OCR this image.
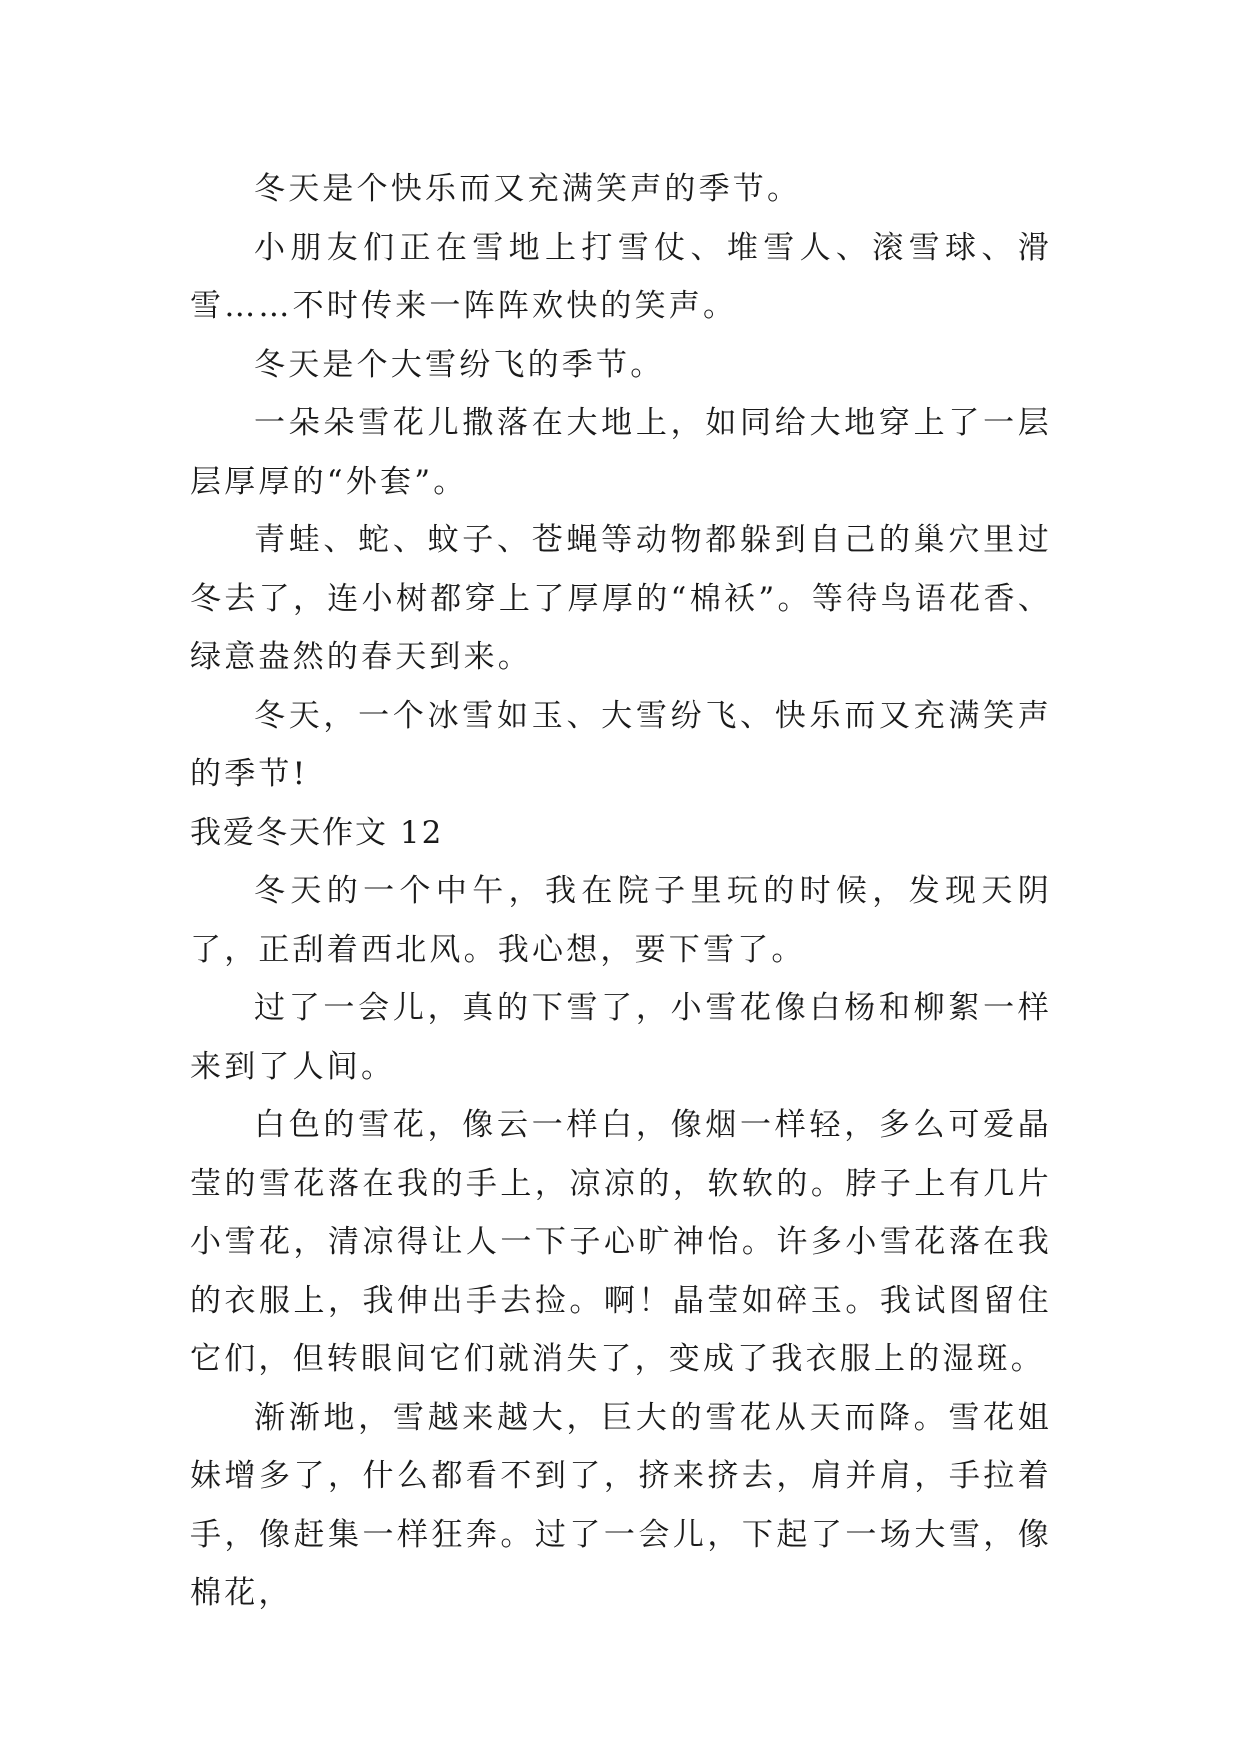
冬天是个快乐而又充满笑声的季节。

小朋友们正在雪地上打雪仗、堆雪人、滚雪球、滑雪……不时传来一阵阵欢快的笑声。

冬天是个大雪纷飞的季节。

一朵朵雪花儿撒落在大地上，如同给大地穿上了一层层厚厚的“外套”。

青蛙、蛇、蚊子、苍蝇等动物都躲到自己的巢穴里过冬去了，连小树都穿上了厚厚的“棉袄”。等待鸟语花香、绿意盎然的春天到来。

冬天，一个冰雪如玉、大雪纷飞、快乐而又充满笑声的季节!

我爱冬天作文 12

冬天的一个中午，我在院子里玩的时候，发现天阴了，正刮着西北风。我心想，要下雪了。

过了一会儿，真的下雪了，小雪花像白杨和柳絮一样来到了人间。

白色的雪花，像云一样白，像烟一样轻，多么可爱晶莹的雪花落在我的手上，凉凉的，软软的。脖子上有几片小雪花，清凉得让人一下子心旷神怡。许多小雪花落在我的衣服上，我伸出手去捡。啊！晶莹如碎玉。我试图留住它们，但转眼间它们就消失了，变成了我衣服上的湿斑。

渐渐地，雪越来越大，巨大的雪花从天而降。雪花姐妹增多了，什么都看不到了，挤来挤去，肩并肩，手拉着手，像赶集一样狂奔。过了一会儿，下起了一场大雪，像棉花，
